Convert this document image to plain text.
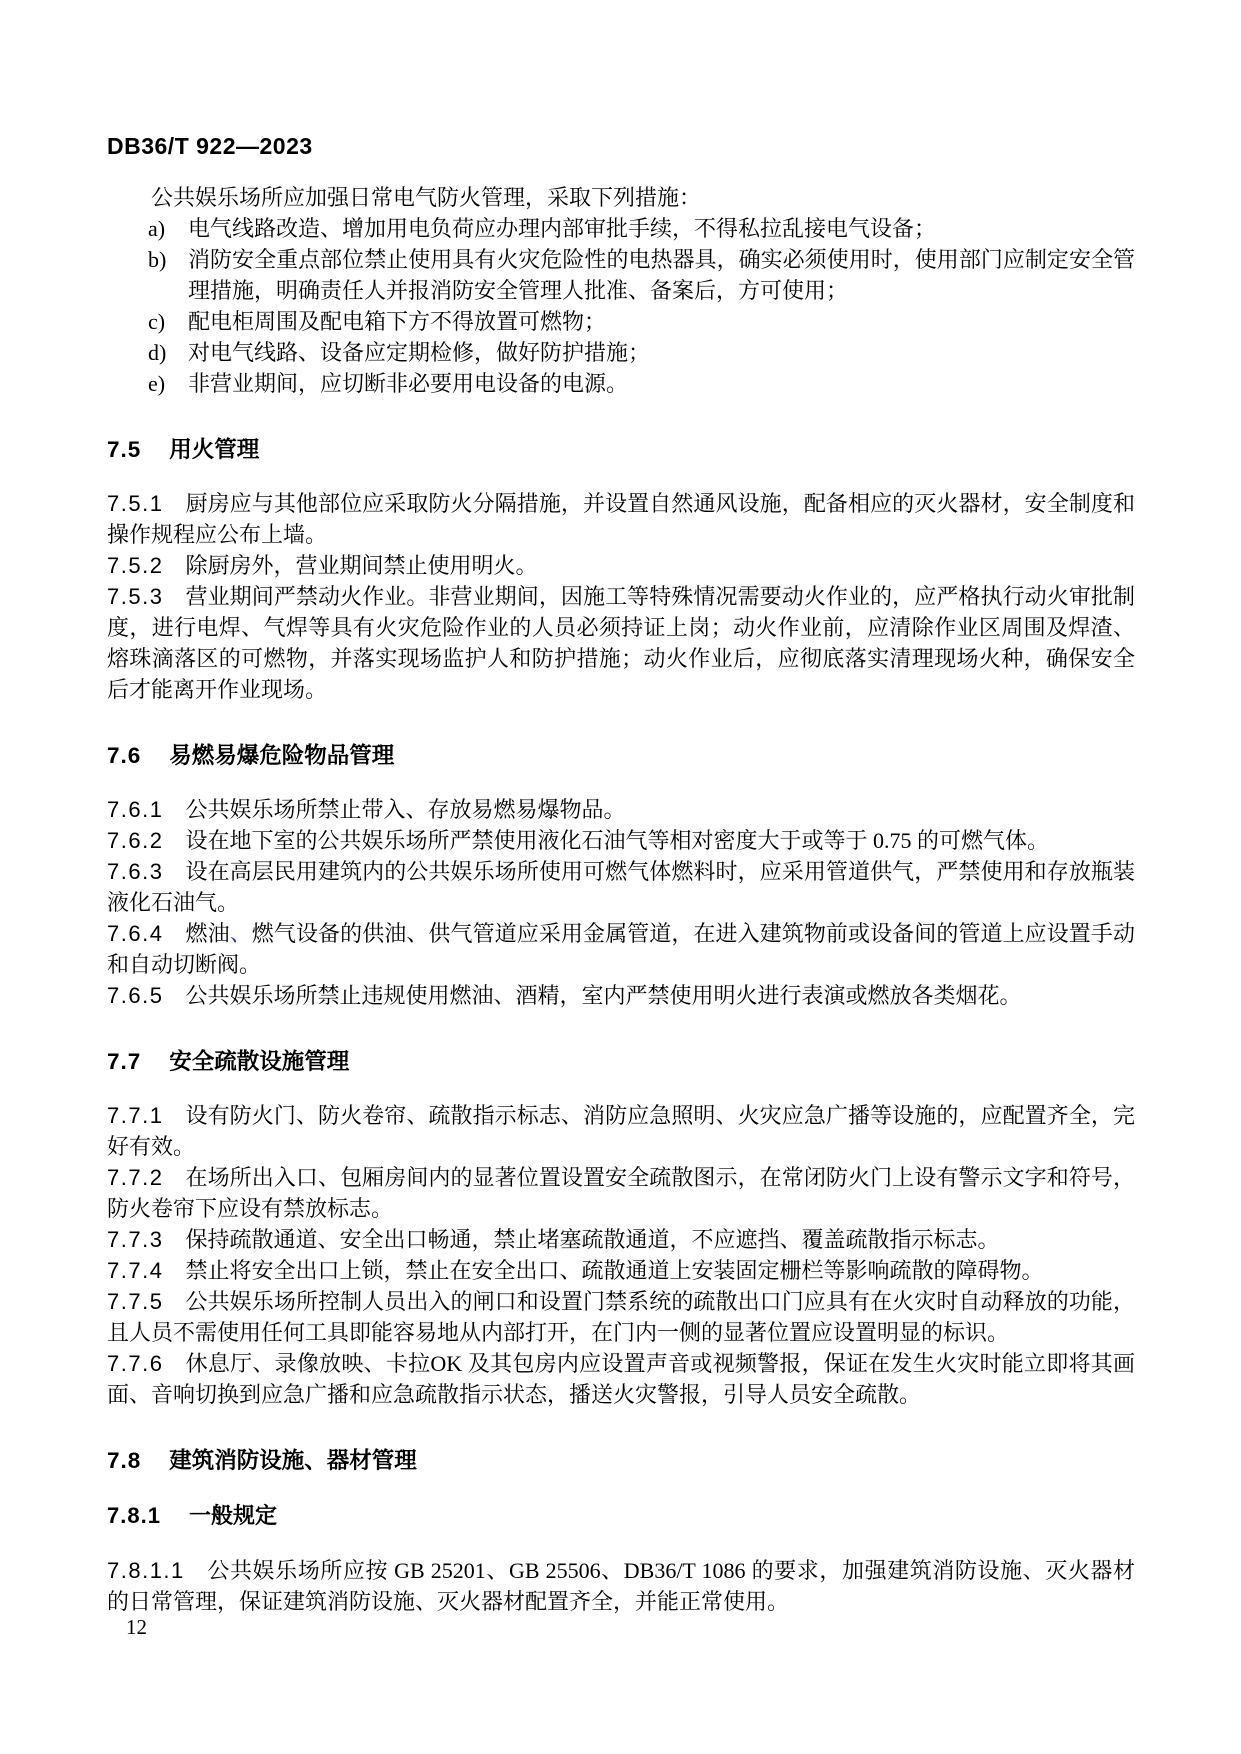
DB36/T 922—2023

公共娱乐场所应加强日常电气防火管理，采取下列措施：

a) 电气线路改造、增加用电负荷应办理内部审批手续，不得私拉乱接电气设备；

b) 消防安全重点部位禁止使用具有火灾危险性的电热器具，确实必须使用时，使用部门应制定安全管理措施，明确责任人并报消防安全管理人批准、备案后，方可使用；

c) 配电柜周围及配电箱下方不得放置可燃物；

d) 对电气线路、设备应定期检修，做好防护措施；

e) 非营业期间，应切断非必要用电设备的电源。

7.5 用火管理

7.5.1 厨房应与其他部位应采取防火分隔措施，并设置自然通风设施，配备相应的灭火器材，安全制度和操作规程应公布上墙。

7.5.2 除厨房外，营业期间禁止使用明火。

7.5.3 营业期间严禁动火作业。非营业期间，因施工等特殊情况需要动火作业的，应严格执行动火审批制度，进行电焊、气焊等具有火灾危险作业的人员必须持证上岗；动火作业前，应清除作业区周围及焊渣、熔珠滴落区的可燃物，并落实现场监护人和防护措施；动火作业后，应彻底落实清理现场火种，确保安全后才能离开作业现场。

7.6 易燃易爆危险物品管理

7.6.1 公共娱乐场所禁止带入、存放易燃易爆物品。

7.6.2 设在地下室的公共娱乐场所严禁使用液化石油气等相对密度大于或等于 0.75 的可燃气体。

7.6.3 设在高层民用建筑内的公共娱乐场所使用可燃气体燃料时，应采用管道供气，严禁使用和存放瓶装液化石油气。

7.6.4 燃油、燃气设备的供油、供气管道应采用金属管道，在进入建筑物前或设备间的管道上应设置手动和自动切断阀。

7.6.5 公共娱乐场所禁止违规使用燃油、酒精，室内严禁使用明火进行表演或燃放各类烟花。

7.7 安全疏散设施管理

7.7.1 设有防火门、防火卷帘、疏散指示标志、消防应急照明、火灾应急广播等设施的，应配置齐全，完好有效。

7.7.2 在场所出入口、包厢房间内的显著位置设置安全疏散图示，在常闭防火门上设有警示文字和符号，防火卷帘下应设有禁放标志。

7.7.3 保持疏散通道、安全出口畅通，禁止堵塞疏散通道，不应遮挡、覆盖疏散指示标志。

7.7.4 禁止将安全出口上锁，禁止在安全出口、疏散通道上安装固定栅栏等影响疏散的障碍物。

7.7.5 公共娱乐场所控制人员出入的闸口和设置门禁系统的疏散出口门应具有在火灾时自动释放的功能，且人员不需使用任何工具即能容易地从内部打开，在门内一侧的显著位置应设置明显的标识。

7.7.6 休息厅、录像放映、卡拉OK 及其包房内应设置声音或视频警报，保证在发生火灾时能立即将其画面、音响切换到应急广播和应急疏散指示状态，播送火灾警报，引导人员安全疏散。

7.8 建筑消防设施、器材管理
7.8.1 一般规定

7.8.1.1 公共娱乐场所应按 GB 25201、GB 25506、DB36/T 1086 的要求，加强建筑消防设施、灭火器材的日常管理，保证建筑消防设施、灭火器材配置齐全，并能正常使用。

12
